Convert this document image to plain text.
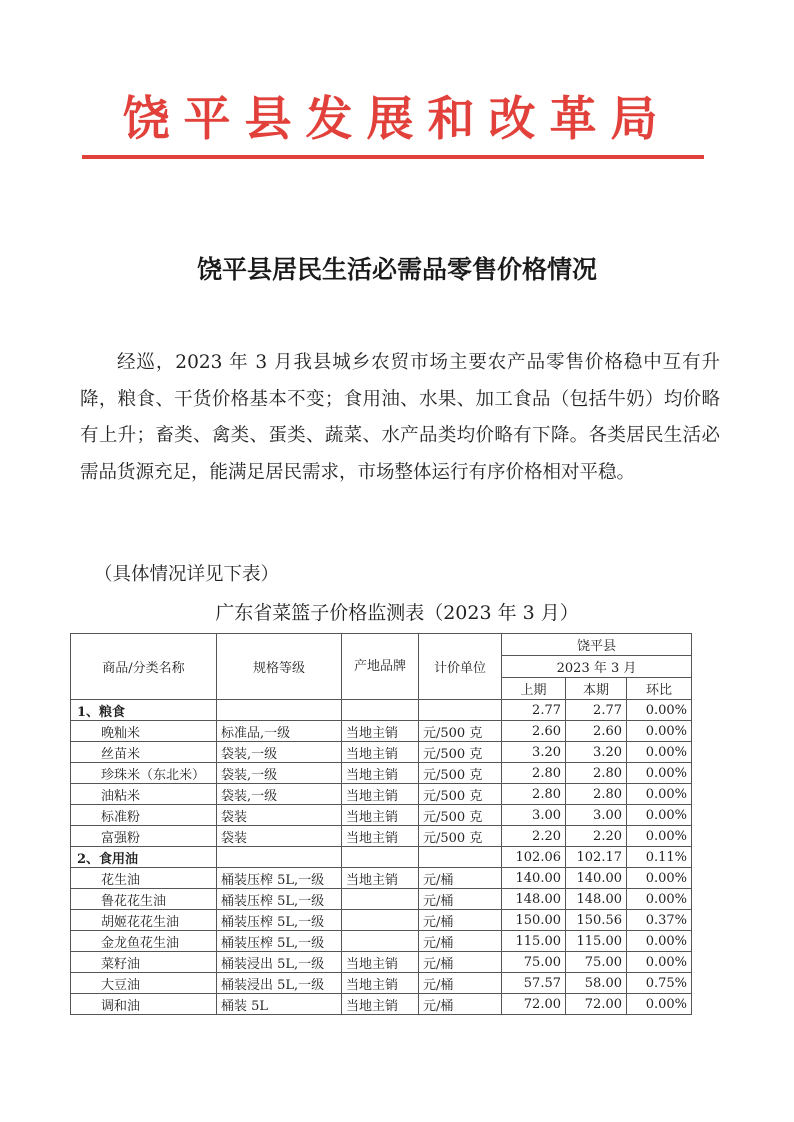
饶平县发展和改革局
饶平县居民生活必需品零售价格情况
经巡，2023 年 3 月我县城乡农贸市场主要农产品零售价格稳中互有升降，粮食、干货价格基本不变；食用油、水果、加工食品（包括牛奶）均价略有上升；畜类、禽类、蛋类、蔬菜、水产品类均价略有下降。各类居民生活必需品货源充足，能满足居民需求，市场整体运行有序价格相对平稳。
（具体情况详见下表）
广东省菜篮子价格监测表（2023 年 3 月）
商品/分类名称	规格等级	产地品牌	计价单位	饶平县		
				2023 年 3 月		
				上期	本期	环比
1、粮食				2.77	2.77	0.00%
晚籼米	标准品,一级	当地主销	元/500 克	2.60	2.60	0.00%
丝苗米	袋装,一级	当地主销	元/500 克	3.20	3.20	0.00%
珍珠米（东北米）	袋装,一级	当地主销	元/500 克	2.80	2.80	0.00%
油粘米	袋装,一级	当地主销	元/500 克	2.80	2.80	0.00%
标准粉	袋装	当地主销	元/500 克	3.00	3.00	0.00%
富强粉	袋装	当地主销	元/500 克	2.20	2.20	0.00%
2、食用油				102.06	102.17	0.11%
花生油	桶装压榨 5L,一级	当地主销	元/桶	140.00	140.00	0.00%
鲁花花生油	桶装压榨 5L,一级		元/桶	148.00	148.00	0.00%
胡姬花花生油	桶装压榨 5L,一级		元/桶	150.00	150.56	0.37%
金龙鱼花生油	桶装压榨 5L,一级		元/桶	115.00	115.00	0.00%
菜籽油	桶装浸出 5L,一级	当地主销	元/桶	75.00	75.00	0.00%
大豆油	桶装浸出 5L,一级	当地主销	元/桶	57.57	58.00	0.75%
调和油	桶装 5L	当地主销	元/桶	72.00	72.00	0.00%
